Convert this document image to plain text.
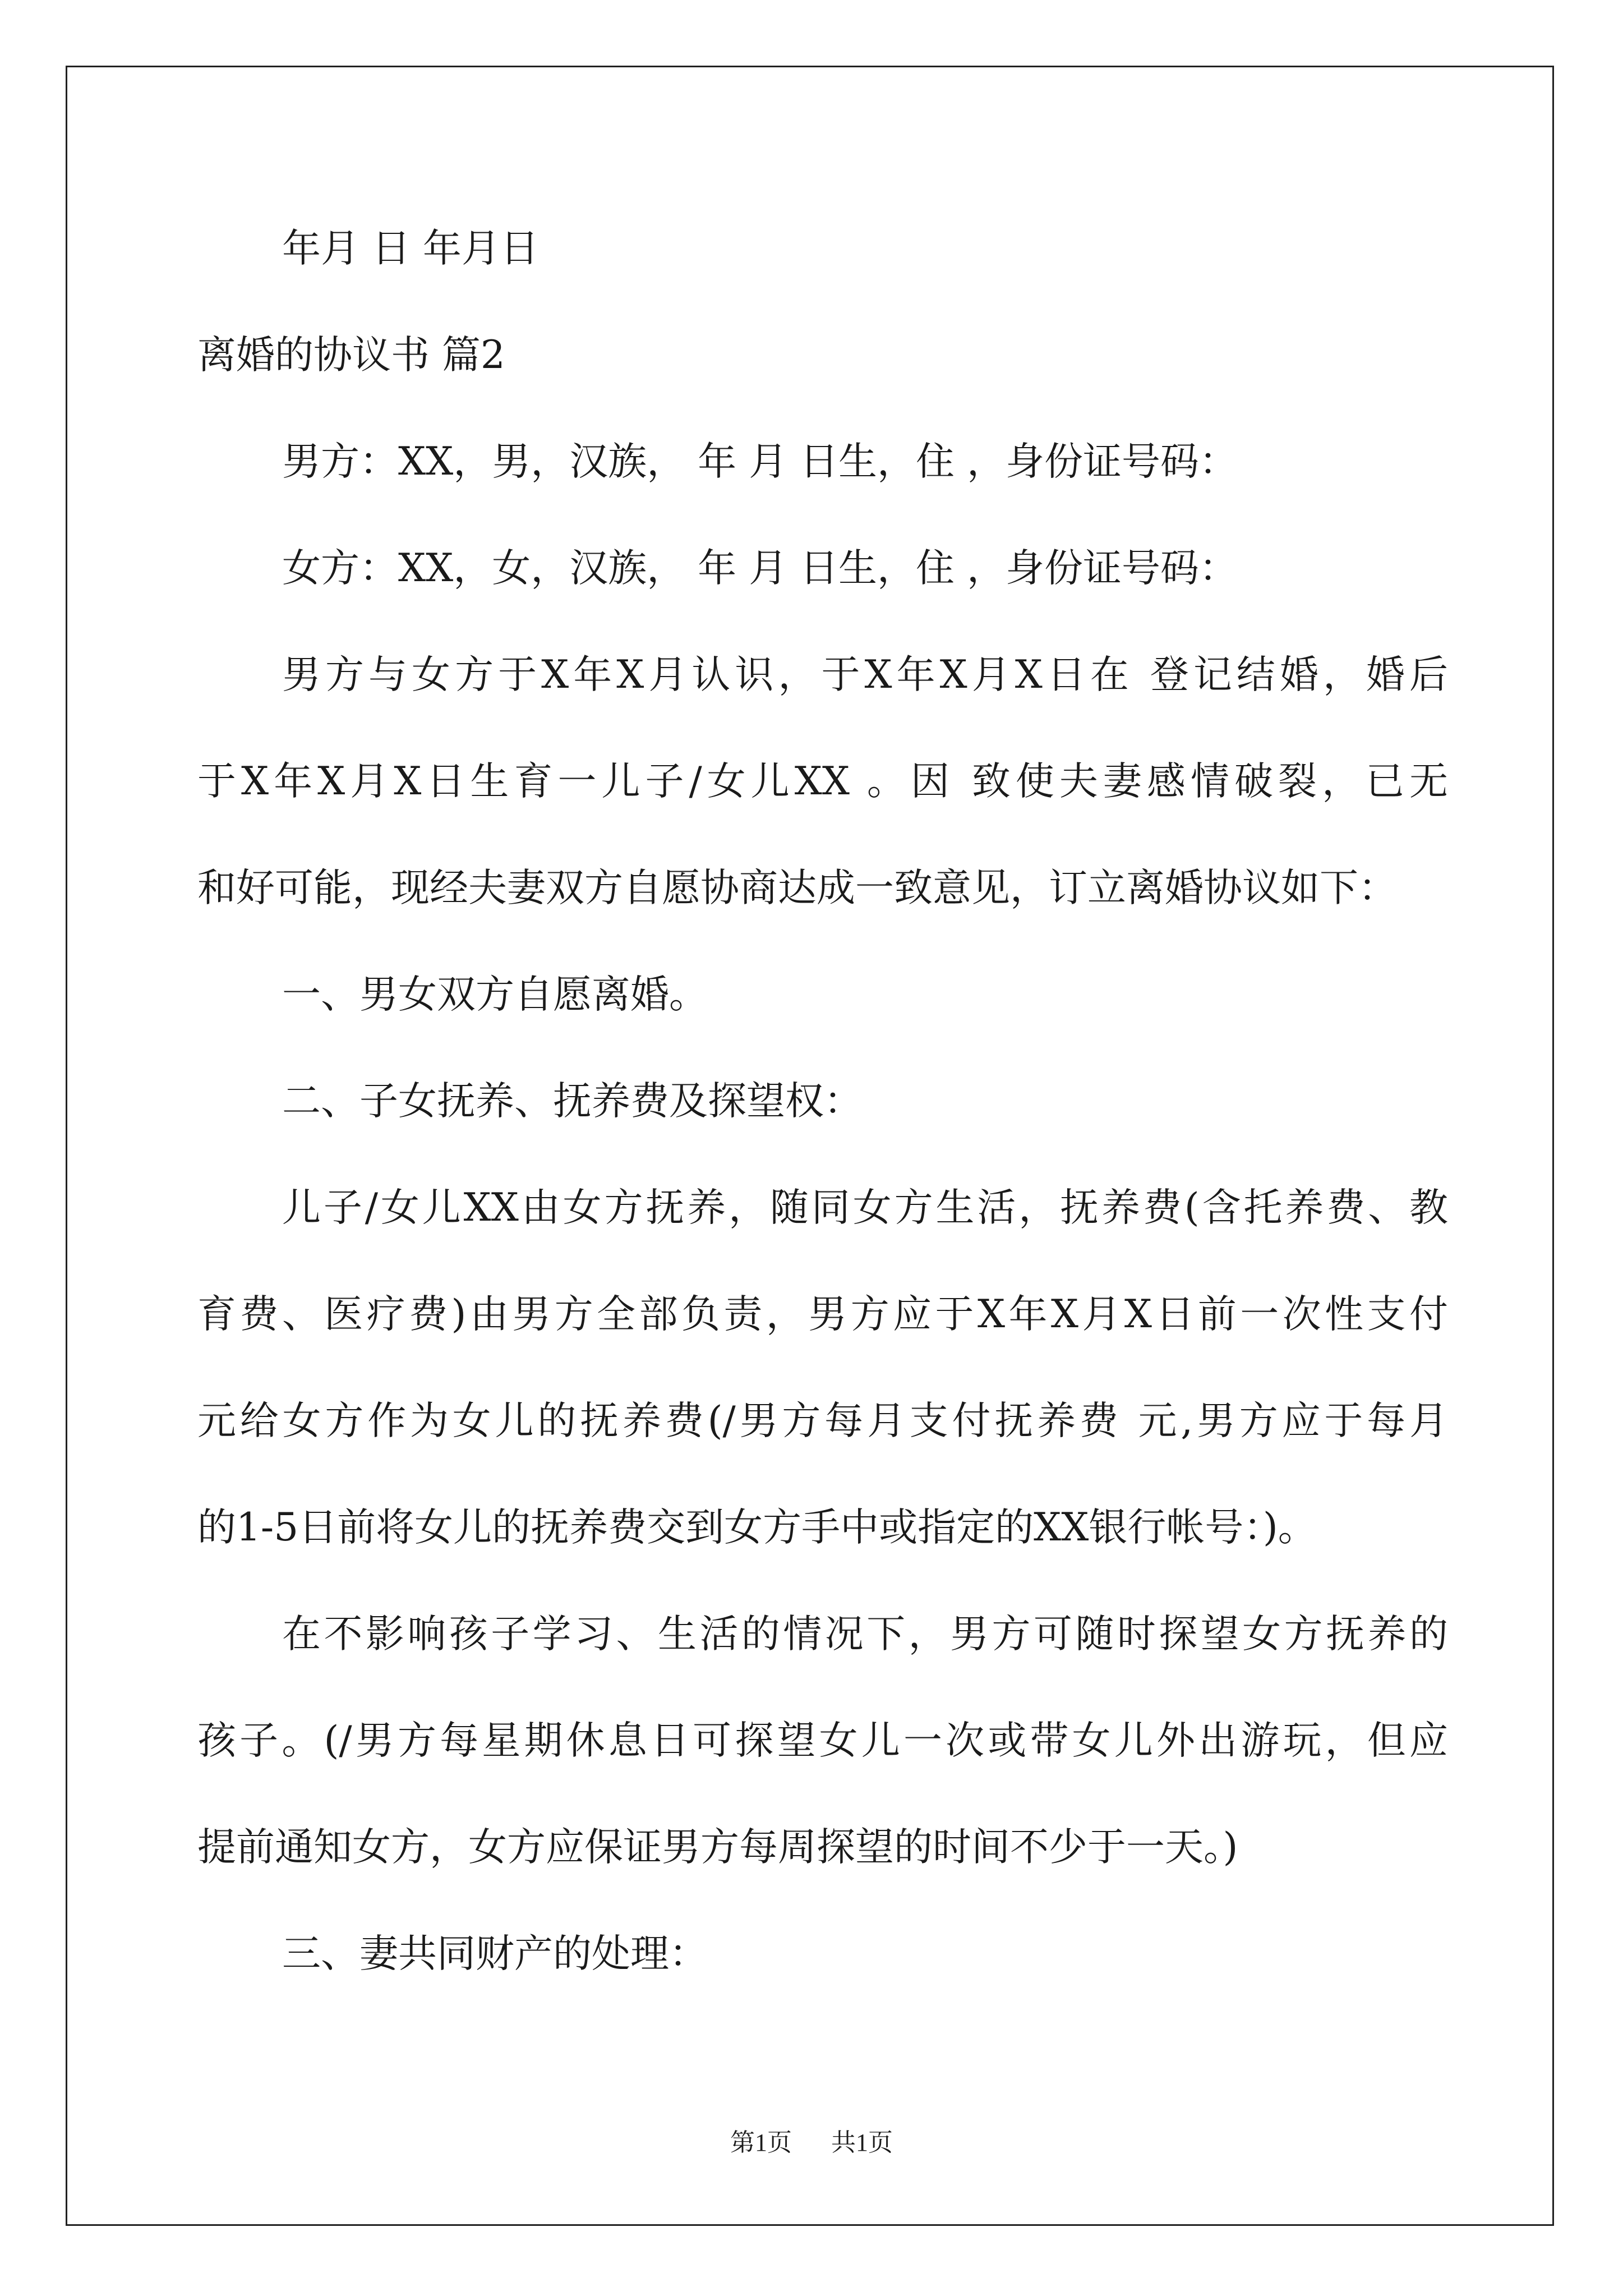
年月 日 年月日
离婚的协议书 篇2
男方：XX，男，汉族， 年 月 日生，住 ，身份证号码：
女方：XX，女，汉族， 年 月 日生，住 ，身份证号码：
男方与女方于X年X月认识，于X年X月X日在 登记结婚，婚后
于X年X月X日生育一儿子/女儿XX 。因 致使夫妻感情破裂，已无
和好可能，现经夫妻双方自愿协商达成一致意见，订立离婚协议如下：
一、男女双方自愿离婚。
二、子女抚养、抚养费及探望权：
儿子/女儿XX由女方抚养，随同女方生活，抚养费(含托养费、教
育费、医疗费)由男方全部负责，男方应于X年X月X日前一次性支付
元给女方作为女儿的抚养费(/男方每月支付抚养费 元,男方应于每月
的1-5日前将女儿的抚养费交到女方手中或指定的XX银行帐号：)。
在不影响孩子学习、生活的情况下，男方可随时探望女方抚养的
孩子。(/男方每星期休息日可探望女儿一次或带女儿外出游玩，但应
提前通知女方，女方应保证男方每周探望的时间不少于一天。)
三、妻共同财产的处理：
第1页 共1页
